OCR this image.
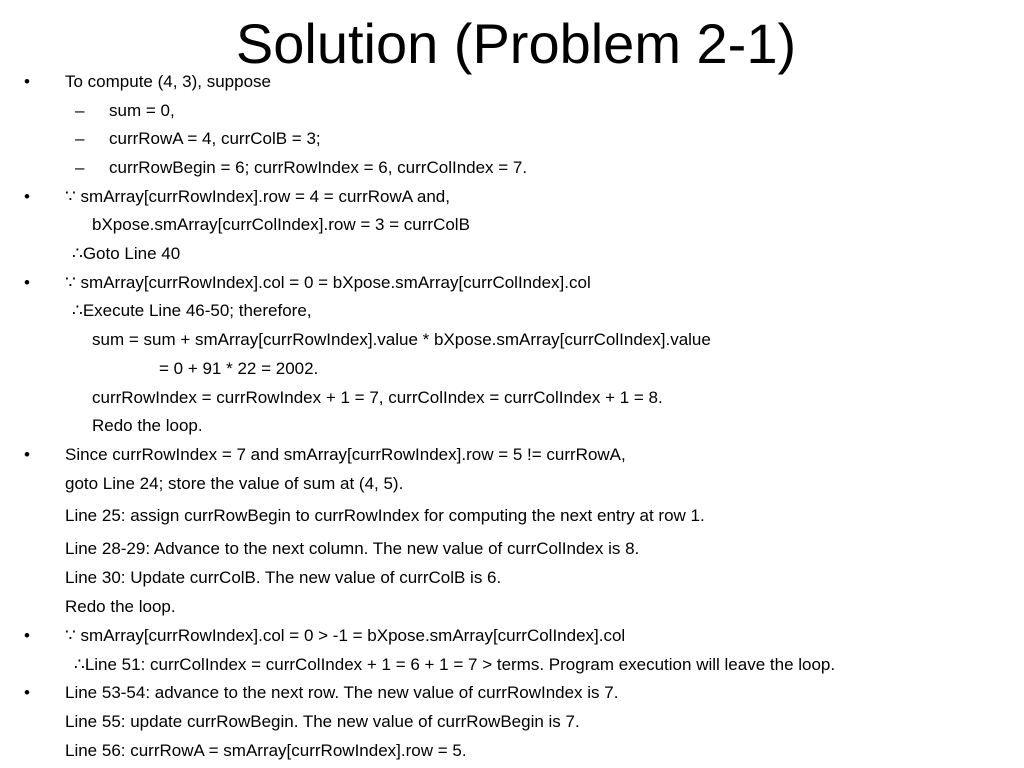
Solution (Problem 2-1)
•
•
•
•
•
•
–
–
–
To compute (4, 3), suppose
sum = 0,
currRowA = 4, currColB = 3;
currRowBegin = 6; currRowIndex = 6, currColIndex = 7.
∵ smArray[currRowIndex].row = 4 = currRowA and,
bXpose.smArray[currColIndex].row = 3 = currColB
∴Goto Line 40
∵ smArray[currRowIndex].col = 0 = bXpose.smArray[currColIndex].col
∴Execute Line 46-50; therefore,
sum = sum + smArray[currRowIndex].value * bXpose.smArray[currColIndex].value
= 0 + 91 * 22 = 2002.
currRowIndex = currRowIndex + 1 = 7, currColIndex = currColIndex + 1 = 8.
Redo the loop.
Since currRowIndex = 7 and smArray[currRowIndex].row = 5 != currRowA,
goto Line 24; store the value of sum at (4, 5).
Line 25: assign currRowBegin to currRowIndex for computing the next entry at row 1.
Line 28-29: Advance to the next column. The new value of currColIndex is 8.
Line 30: Update currColB. The new value of currColB is 6.
Redo the loop.
∵ smArray[currRowIndex].col = 0 > -1 = bXpose.smArray[currColIndex].col
∴Line 51: currColIndex = currColIndex + 1 = 6 + 1 = 7 > terms. Program execution will leave the loop.
Line 53-54: advance to the next row. The new value of currRowIndex is 7.
Line 55: update currRowBegin. The new value of currRowBegin is 7.
Line 56: currRowA = smArray[currRowIndex].row = 5.
